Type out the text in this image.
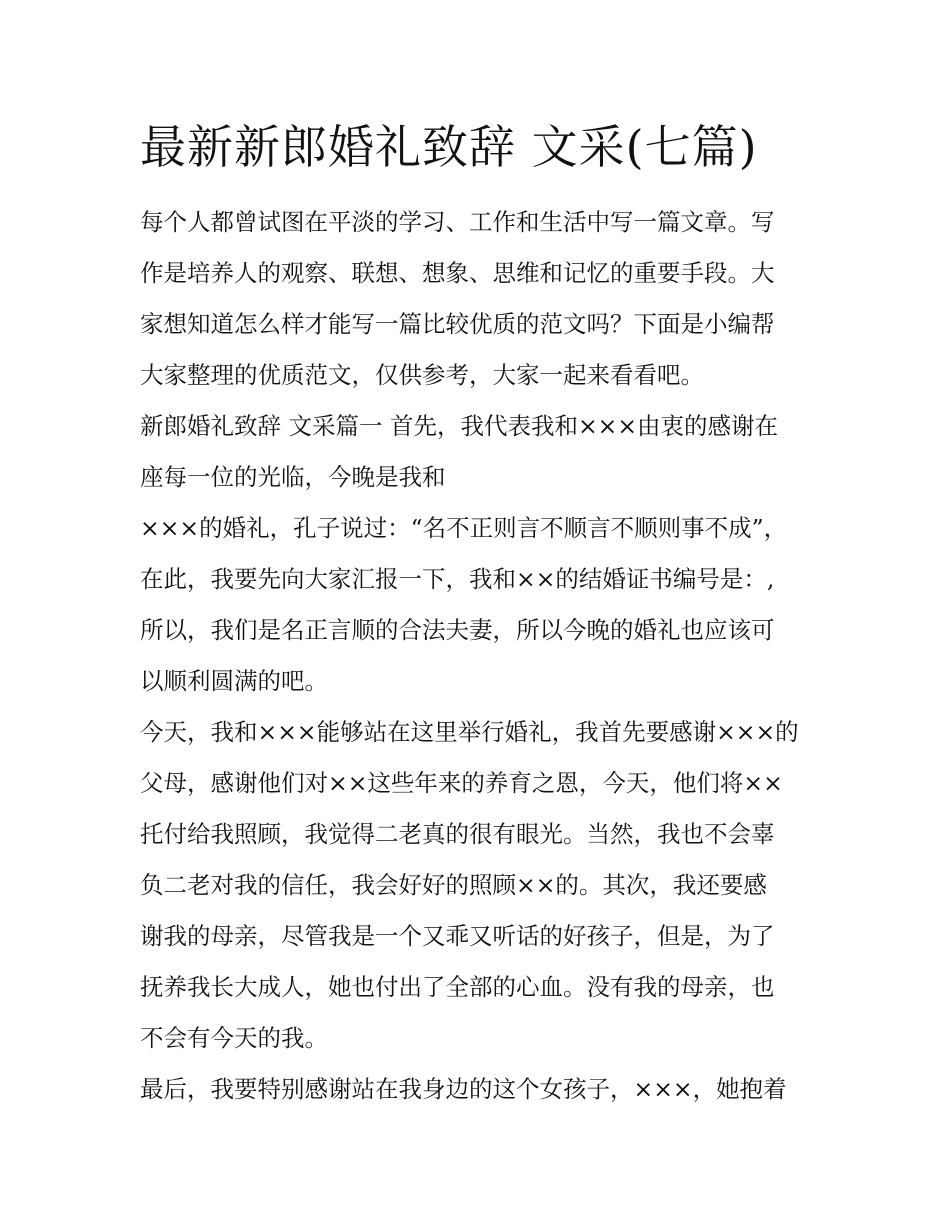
最新新郎婚礼致辞 文采(七篇)

每个人都曾试图在平淡的学习、工作和生活中写一篇文章。写

作是培养人的观察、联想、想象、思维和记忆的重要手段。大

家想知道怎么样才能写一篇比较优质的范文吗？下面是小编帮

大家整理的优质范文，仅供参考，大家一起来看看吧。

新郎婚礼致辞 文采篇一 首先，我代表我和×××由衷的感谢在

座每一位的光临，今晚是我和

×××的婚礼，孔子说过：“名不正则言不顺言不顺则事不成”，

在此，我要先向大家汇报一下，我和××的结婚证书编号是：,

所以，我们是名正言顺的合法夫妻，所以今晚的婚礼也应该可

以顺利圆满的吧。

今天，我和×××能够站在这里举行婚礼，我首先要感谢×××的

父母，感谢他们对××这些年来的养育之恩，今天，他们将××

托付给我照顾，我觉得二老真的很有眼光。当然，我也不会辜

负二老对我的信任，我会好好的照顾××的。其次，我还要感

谢我的母亲，尽管我是一个又乖又听话的好孩子，但是，为了

抚养我长大成人，她也付出了全部的心血。没有我的母亲，也

不会有今天的我。

最后，我要特别感谢站在我身边的这个女孩子，×××，她抱着
